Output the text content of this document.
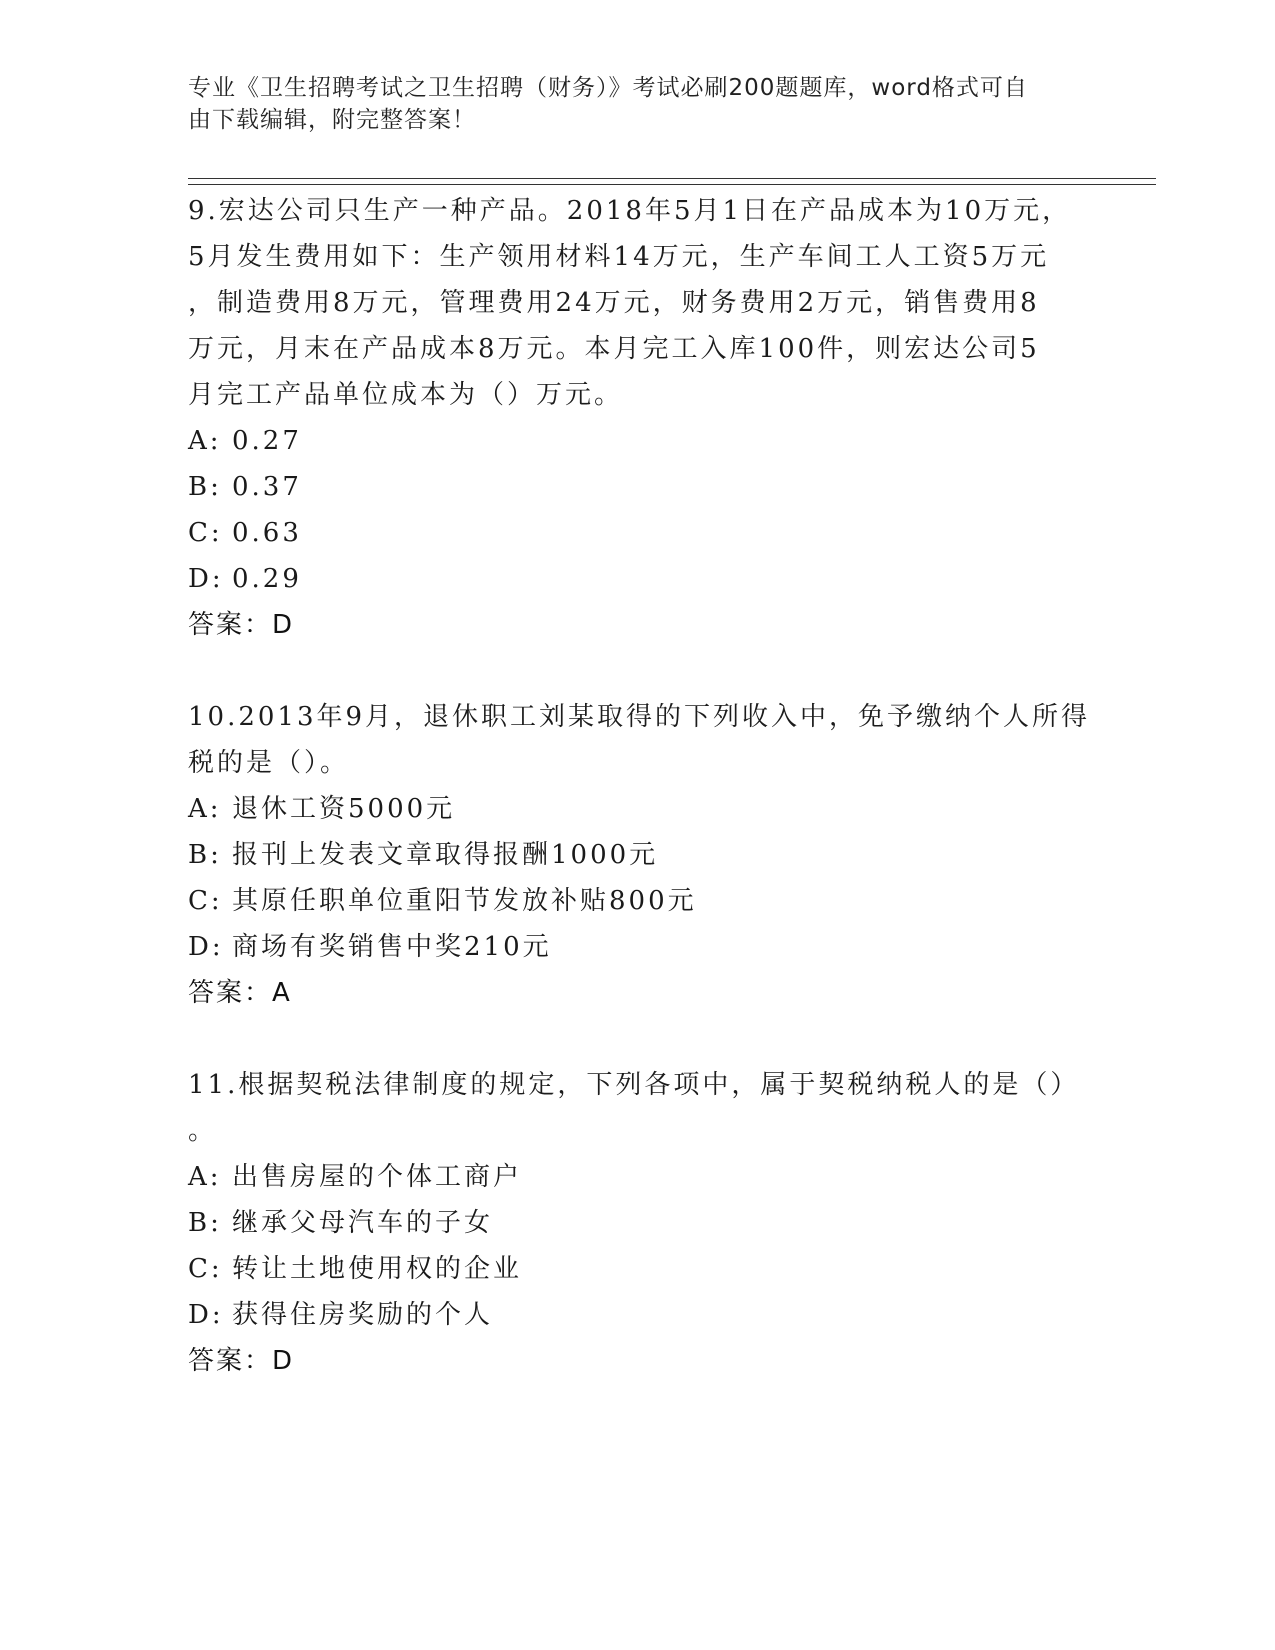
专业《卫生招聘考试之卫生招聘（财务）》考试必刷200题题库，word格式可自
由下载编辑，附完整答案！
9.宏达公司只生产一种产品。2018年5月1日在产品成本为10万元，
5月发生费用如下：生产领用材料14万元，生产车间工人工资5万元
，制造费用8万元，管理费用24万元，财务费用2万元，销售费用8
万元，月末在产品成本8万元。本月完工入库100件，则宏达公司5
月完工产品单位成本为（）万元。
A: 0.27
B: 0.37
C: 0.63
D: 0.29
答案：D
10.2013年9月，退休职工刘某取得的下列收入中，免予缴纳个人所得
税的是（）。
A: 退休工资5000元
B: 报刊上发表文章取得报酬1000元
C: 其原任职单位重阳节发放补贴800元
D: 商场有奖销售中奖210元
答案：A
11.根据契税法律制度的规定，下列各项中，属于契税纳税人的是（）
。
A: 出售房屋的个体工商户
B: 继承父母汽车的子女
C: 转让土地使用权的企业
D: 获得住房奖励的个人
答案：D
